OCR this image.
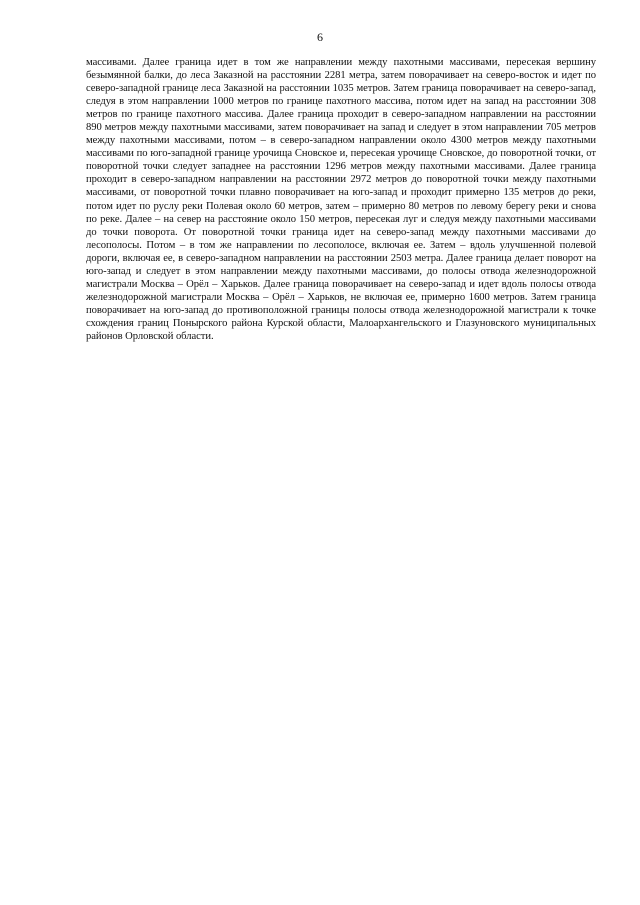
6

массивами. Далее граница идет в том же направлении между пахотными массивами, пересекая вершину безымянной балки, до леса Заказной на расстоянии 2281 метра, затем поворачивает на северо-восток и идет по северо-западной границе леса Заказной на расстоянии 1035 метров. Затем граница поворачивает на северо-запад, следуя в этом направлении 1000 метров по границе пахотного массива, потом идет на запад на расстоянии 308 метров по границе пахотного массива. Далее граница проходит в северо-западном направлении на расстоянии 890 метров между пахотными массивами, затем поворачивает на запад и следует в этом направлении 705 метров между пахотными массивами, потом – в северо-западном направлении около 4300 метров между пахотными массивами по юго-западной границе урочища Сновское и, пересекая урочище Сновское, до поворотной точки, от поворотной точки следует западнее на расстоянии 1296 метров между пахотными массивами. Далее граница проходит в северо-западном направлении на расстоянии 2972 метров до поворотной точки между пахотными массивами, от поворотной точки плавно поворачивает на юго-запад и проходит примерно 135 метров до реки, потом идет по руслу реки Полевая около 60 метров, затем – примерно 80 метров по левому берегу реки и снова по реке. Далее – на север на расстояние около 150 метров, пересекая луг и следуя между пахотными массивами до точки поворота. От поворотной точки граница идет на северо-запад между пахотными массивами до лесополосы. Потом – в том же направлении по лесополосе, включая ее. Затем – вдоль улучшенной полевой дороги, включая ее, в северо-западном направлении на расстоянии 2503 метра. Далее граница делает поворот на юго-запад и следует в этом направлении между пахотными массивами, до полосы отвода железнодорожной магистрали Москва – Орёл – Харьков. Далее граница поворачивает на северо-запад и идет вдоль полосы отвода железнодорожной магистрали Москва – Орёл – Харьков, не включая ее, примерно 1600 метров. Затем граница поворачивает на юго-запад до противоположной границы полосы отвода железнодорожной магистрали к точке схождения границ Поныpского района Курской области, Малоархангельского и Глазуновского муниципальных районов Орловской области.
